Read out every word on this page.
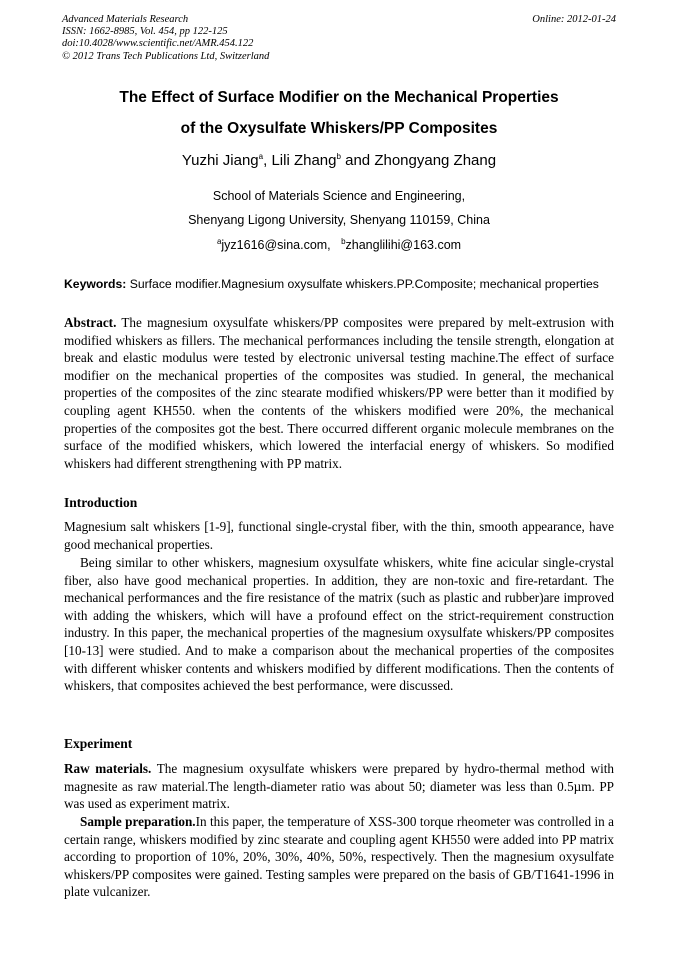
Advanced Materials Research
ISSN: 1662-8985, Vol. 454, pp 122-125
doi:10.4028/www.scientific.net/AMR.454.122
© 2012 Trans Tech Publications Ltd, Switzerland
Online: 2012-01-24
The Effect of Surface Modifier on the Mechanical Properties
of the Oxysulfate Whiskers/PP Composites
Yuzhi Jiang$^a$, Lili Zhang$^b$ and Zhongyang Zhang
School of Materials Science and Engineering,
Shenyang Ligong University, Shenyang 110159, China
$^a$jyz1616@sina.com, $^b$zhanglilihi@163.com
Keywords: Surface modifier.Magnesium oxysulfate whiskers.PP.Composite; mechanical properties
Abstract. The magnesium oxysulfate whiskers/PP composites were prepared by melt-extrusion with modified whiskers as fillers. The mechanical performances including the tensile strength, elongation at break and elastic modulus were tested by electronic universal testing machine.The effect of surface modifier on the mechanical properties of the composites was studied. In general, the mechanical properties of the composites of the zinc stearate modified whiskers/PP were better than it modified by coupling agent KH550. when the contents of the whiskers modified were 20%, the mechanical properties of the composites got the best. There occurred different organic molecule membranes on the surface of the modified whiskers, which lowered the interfacial energy of whiskers. So modified whiskers had different strengthening with PP matrix.
Introduction
Magnesium salt whiskers [1-9], functional single-crystal fiber, with the thin, smooth appearance, have good mechanical properties.
Being similar to other whiskers, magnesium oxysulfate whiskers, white fine acicular single-crystal fiber, also have good mechanical properties. In addition, they are non-toxic and fire-retardant. The mechanical performances and the fire resistance of the matrix (such as plastic and rubber)are improved with adding the whiskers, which will have a profound effect on the strict-requirement construction industry. In this paper, the mechanical properties of the magnesium oxysulfate whiskers/PP composites [10-13] were studied. And to make a comparison about the mechanical properties of the composites with different whisker contents and whiskers modified by different modifications. Then the contents of whiskers, that composites achieved the best performance, were discussed.
Experiment
Raw materials. The magnesium oxysulfate whiskers were prepared by hydro-thermal method with magnesite as raw material.The length-diameter ratio was about 50; diameter was less than 0.5µm. PP was used as experiment matrix.
Sample preparation.In this paper, the temperature of XSS-300 torque rheometer was controlled in a certain range, whiskers modified by zinc stearate and coupling agent KH550 were added into PP matrix according to proportion of 10%, 20%, 30%, 40%, 50%, respectively. Then the magnesium oxysulfate whiskers/PP composites were gained. Testing samples were prepared on the basis of GB/T1641-1996 in plate vulcanizer.
